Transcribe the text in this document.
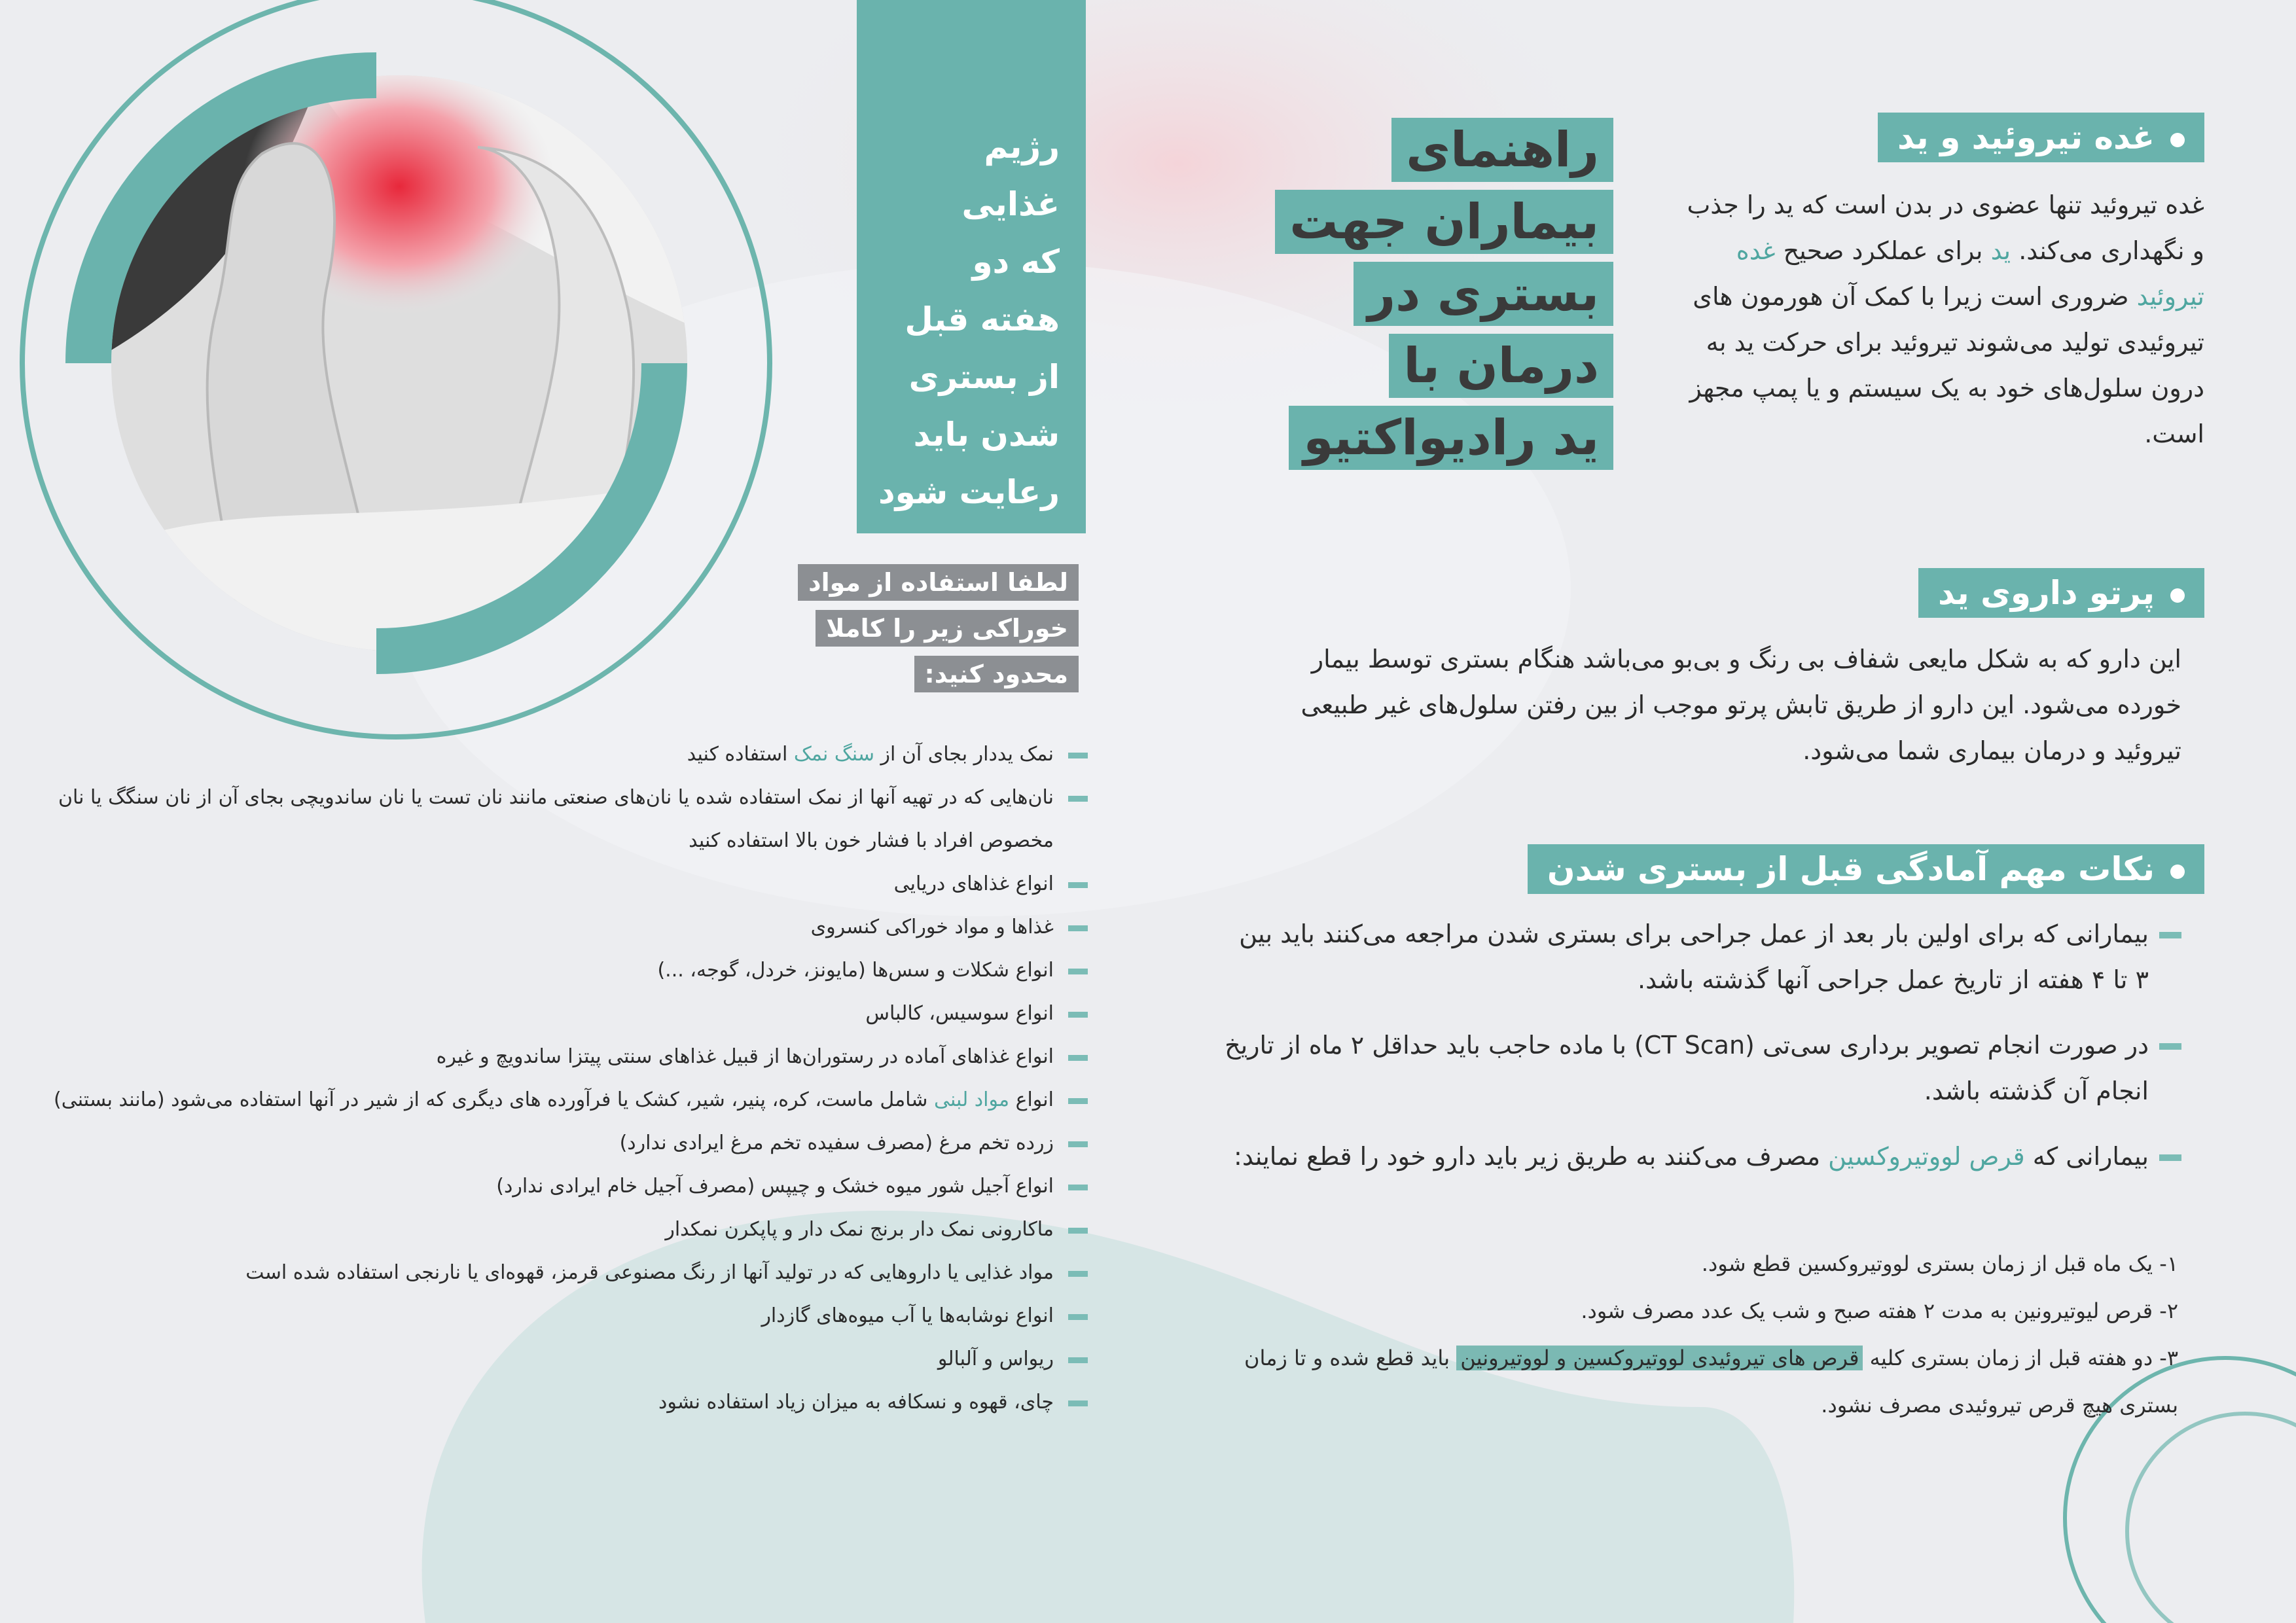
رژیم غذایی
که دو
هفته قبل
از بستری
شدن باید
رعایت شود
لطفا استفاده از مواد
خوراکی زیر را کاملا
محدود کنید:
نمک یددار بجای آن از سنگ نمک استفاده کنید
نان‌هایی که در تهیه آنها از نمک استفاده شده یا نان‌های صنعتی مانند نان تست یا نان ساندویچی بجای آن از نان سنگگ یا نان مخصوص افراد با فشار خون بالا استفاده کنید
انواع غذاهای دریایی
غذاها و مواد خوراکی کنسروی
انواع شکلات و سس‌ها (مایونز، خردل، گوجه، ...)
انواع سوسیس، کالباس
انواع غذاهای آماده در رستوران‌ها از قبیل غذاهای سنتی پیتزا ساندویچ و غیره
انواع مواد لبنی شامل ماست، کره، پنیر، شیر، کشک یا فرآورده های دیگری که از شیر در آنها استفاده می‌شود (مانند بستنی)
زرده تخم مرغ (مصرف سفیده تخم مرغ ایرادی ندارد)
انواع آجیل شور میوه خشک و چیپس (مصرف آجیل خام ایرادی ندارد)
ماکارونی نمک دار برنج نمک دار و پاپکرن نمکدار
مواد غذایی یا داروهایی که در تولید آنها از رنگ مصنوعی قرمز، قهوه‌ای یا نارنجی استفاده شده است
انواع نوشابه‌ها یا آب میوه‌های گازدار
ریواس و آلبالو
چای، قهوه و نسکافه به میزان زیاد استفاده نشود
راهنمای
بیماران جهت
بستری در
درمان با
ید رادیواکتیو
غده تیروئید و ید
غده تیروئید تنها عضوی در بدن است که ید را جذب و نگهداری می‌کند. ید برای عملکرد صحیح غده تیروئید ضروری است زیرا با کمک آن هورمون های تیروئیدی تولید می‌شوند تیروئید برای حرکت ید به درون سلول‌های خود به یک سیستم و یا پمپ مجهز است.
پرتو داروی ید
این دارو که به شکل مایعی شفاف بی رنگ و بی‌بو می‌باشد هنگام بستری توسط بیمار خورده می‌شود. این دارو از طریق تابش پرتو موجب از بین رفتن سلول‌های غیر طبیعی تیروئید و درمان بیماری شما می‌شود.
نکات مهم آمادگی قبل از بستری شدن
بیمارانی که برای اولین بار بعد از عمل جراحی برای بستری شدن مراجعه می‌کنند باید بین ۳ تا ۴ هفته از تاریخ عمل جراحی آنها گذشته باشد.
در صورت انجام تصویر برداری سی‌تی (CT Scan) با ماده حاجب باید حداقل ۲ ماه از تاریخ انجام آن گذشته باشد.
بیمارانی که قرص لووتیروکسین مصرف می‌کنند به طریق زیر باید دارو خود را قطع نمایند:
۱- یک ماه قبل از زمان بستری لووتیروکسین قطع شود.
۲- قرص لیوتیرونین به مدت ۲ هفته صبح و شب یک عدد مصرف شود.
۳- دو هفته قبل از زمان بستری کلیه قرص های تیروئیدی لووتیروکسین و لووتیرونین باید قطع شده و تا زمان بستری هیچ قرص تیروئیدی مصرف نشود.
